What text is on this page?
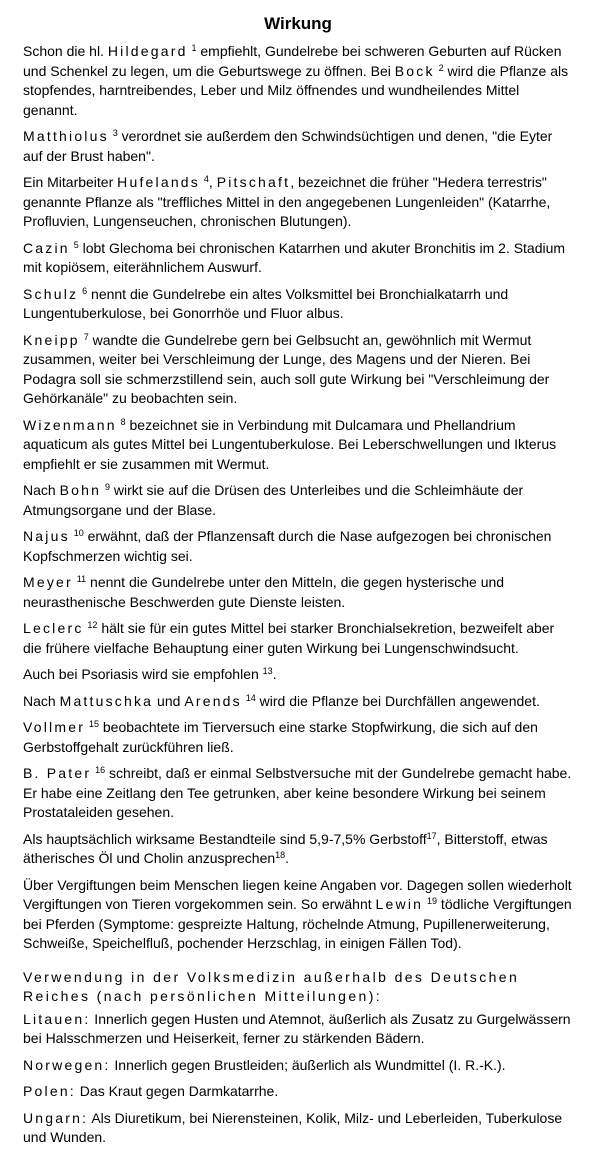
Wirkung

Schon die hl. Hildegard $^1$ empfiehlt, Gundelrebe bei schweren Geburten auf Rücken und Schenkel zu legen, um die Geburtswege zu öffnen. Bei Bock $^2$ wird die Pflanze als stopfendes, harntreibendes, Leber und Milz öffnendes und wundheilendes Mittel genannt.

Matthiolus $^3$ verordnet sie außerdem den Schwindsüchtigen und denen, "die Eyter auf der Brust haben".

Ein Mitarbeiter Hufelands $^4$, Pitschaft, bezeichnet die früher "Hedera terrestris" genannte Pflanze als "treffliches Mittel in den angegebenen Lungenleiden" (Katarrhe, Profluvien, Lungenseuchen, chronischen Blutungen).

Cazin $^5$ lobt Glechoma bei chronischen Katarrhen und akuter Bronchitis im 2. Stadium mit kopiösem, eiterähnlichem Auswurf.

Schulz $^6$ nennt die Gundelrebe ein altes Volksmittel bei Bronchialkatarrh und Lungentuberkulose, bei Gonorrhöe und Fluor albus.

Kneipp $^7$ wandte die Gundelrebe gern bei Gelbsucht an, gewöhnlich mit Wermut zusammen, weiter bei Verschleimung der Lunge, des Magens und der Nieren. Bei Podagra soll sie schmerzstillend sein, auch soll gute Wirkung bei "Verschleimung der Gehörkanäle" zu beobachten sein.

Wizenmann $^8$ bezeichnet sie in Verbindung mit Dulcamara und Phellandrium aquaticum als gutes Mittel bei Lungentuberkulose. Bei Leberschwellungen und Ikterus empfiehlt er sie zusammen mit Wermut.

Nach Bohn $^9$ wirkt sie auf die Drüsen des Unterleibes und die Schleimhäute der Atmungsorgane und der Blase.

Najus $^{10}$ erwähnt, daß der Pflanzensaft durch die Nase aufgezogen bei chronischen Kopfschmerzen wichtig sei.

Meyer $^{11}$ nennt die Gundelrebe unter den Mitteln, die gegen hysterische und neurasthenische Beschwerden gute Dienste leisten.

Leclerc $^{12}$ hält sie für ein gutes Mittel bei starker Bronchialsekretion, bezweifelt aber die frühere vielfache Behauptung einer guten Wirkung bei Lungenschwindsucht.

Auch bei Psoriasis wird sie empfohlen $^{13}$.

Nach Mattuschka und Arends $^{14}$ wird die Pflanze bei Durchfällen angewendet.

Vollmer $^{15}$ beobachtete im Tierversuch eine starke Stopfwirkung, die sich auf den Gerbstoffgehalt zurückführen ließ.

B. Pater $^{16}$ schreibt, daß er einmal Selbstversuche mit der Gundelrebe gemacht habe. Er habe eine Zeitlang den Tee getrunken, aber keine besondere Wirkung bei seinem Prostataleiden gesehen.

Als hauptsächlich wirksame Bestandteile sind 5,9-7,5% Gerbstoff$^{17}$, Bitterstoff, etwas ätherisches Öl und Cholin anzusprechen$^{18}$.

Über Vergiftungen beim Menschen liegen keine Angaben vor. Dagegen sollen wiederholt Vergiftungen von Tieren vorgekommen sein. So erwähnt Lewin $^{19}$ tödliche Vergiftungen bei Pferden (Symptome: gespreizte Haltung, röchelnde Atmung, Pupillenerweiterung, Schweiße, Speichelfluß, pochender Herzschlag, in einigen Fällen Tod).

Verwendung in der Volksmedizin außerhalb des Deutschen Reiches (nach persönlichen Mitteilungen):
Litauen: Innerlich gegen Husten und Atemnot, äußerlich als Zusatz zu Gurgelwässern bei Halsschmerzen und Heiserkeit, ferner zu stärkenden Bädern.
Norwegen: Innerlich gegen Brustleiden; äußerlich als Wundmittel (I. R.-K.).
Polen: Das Kraut gegen Darmkatarrhe.
Ungarn: Als Diuretikum, bei Nierensteinen, Kolik, Milz- und Leberleiden, Tuberkulose und Wunden.
